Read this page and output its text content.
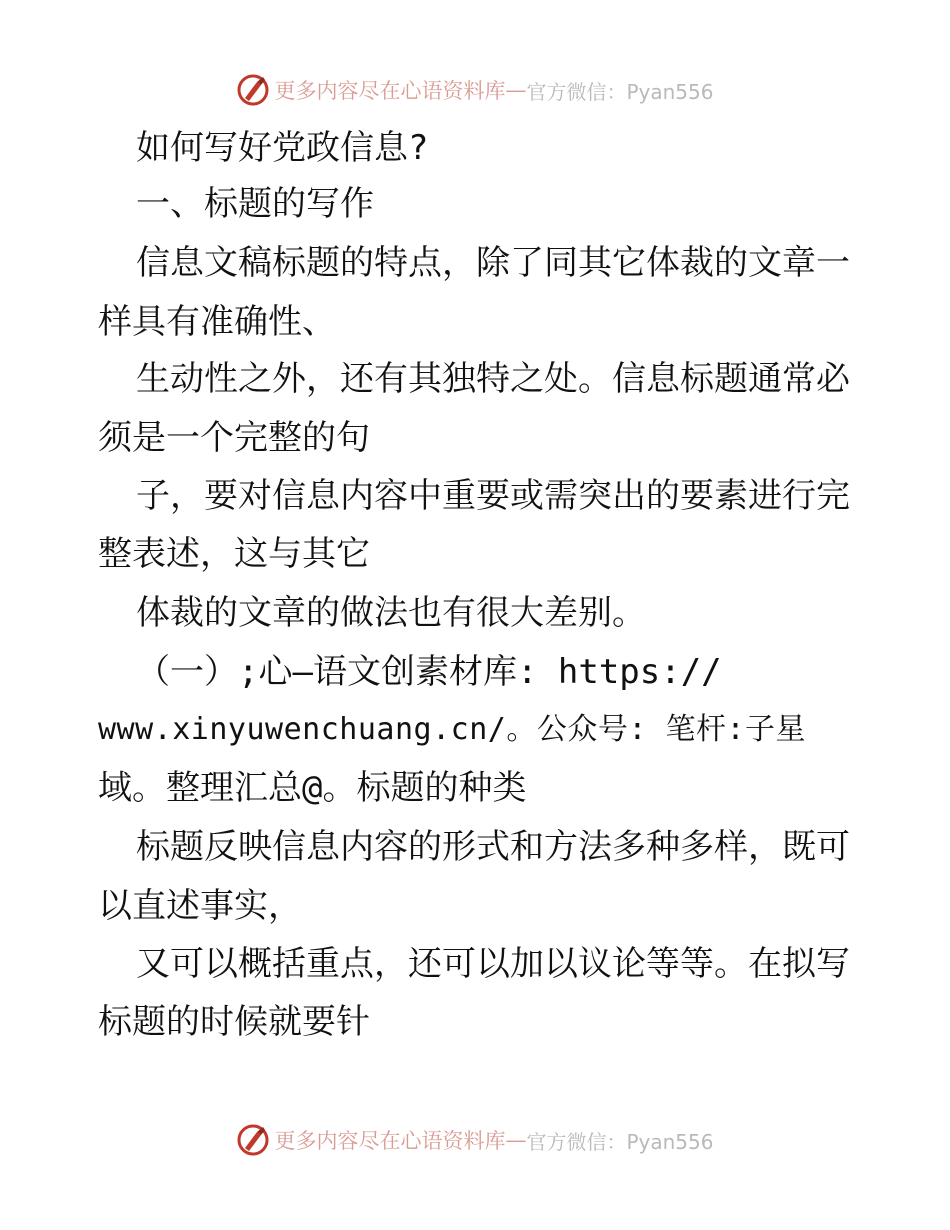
更多内容尽在心语资料库 — 官方微信：Pyan556
如何写好党政信息?
一、标题的写作
信息文稿标题的特点，除了同其它体裁的文章一
样具有准确性、
生动性之外，还有其独特之处。信息标题通常必
须是一个完整的句
子，要对信息内容中重要或需突出的要素进行完
整表述，这与其它
体裁的文章的做法也有很大差别。
（一）;心—语文创素材库: https://
www.xinyuwenchuang.cn/。公众号: 笔杆:子星
域。整理汇总@。标题的种类
标题反映信息内容的形式和方法多种多样，既可
以直述事实，
又可以概括重点，还可以加以议论等等。在拟写
标题的时候就要针
更多内容尽在心语资料库 — 官方微信：Pyan556
